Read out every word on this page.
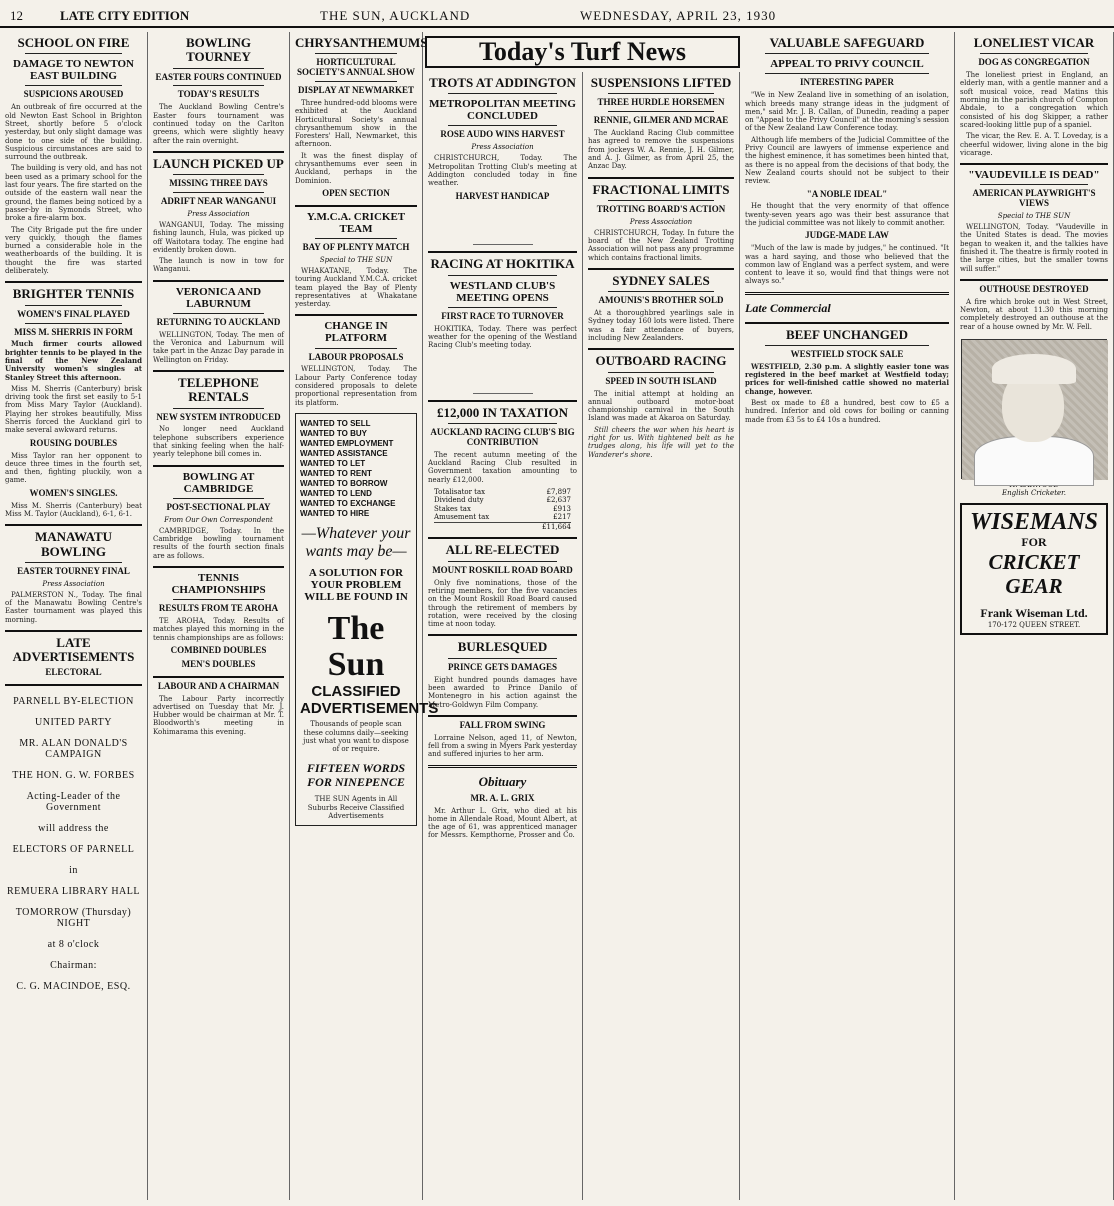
12	LATE CITY EDITION	THE SUN, AUCKLAND	WEDNESDAY, APRIL 23, 1930
SCHOOL ON FIRE
DAMAGE TO NEWTON EAST BUILDING
SUSPICIONS AROUSED

An outbreak of fire occurred at the old Newton East School in Brighton Street, shortly before 5 o'clock yesterday, but only slight damage was done to one side of the building. Suspicious circumstances are said to surround the outbreak.

The building is very old, and has not been used as a primary school for the last four years. The fire started on the outside of the eastern wall near the ground, the flames being noticed by a passer-by in Symonds Street, who broke a fire-alarm box.

The City Brigade put the fire under very quickly, though the flames burned a considerable hole in the weatherboards of the building. It is thought the fire was started deliberately.

BRIGHTER TENNIS
WOMEN'S FINAL PLAYED
MISS M. SHERRIS IN FORM

Much firmer courts allowed brighter tennis to be played in the final of the New Zealand University women's singles at Stanley Street this afternoon.

Miss M. Sherris (Canterbury) brisk driving took the first set easily to 5-1 from Miss Mary Taylor (Auckland). Playing her strokes beautifully, Miss Sherris forced the Auckland girl to make several awkward returns.

ROUSING DOUBLES

Miss Taylor ran her opponent to deuce three times in the fourth set, and then, fighting pluckily, won a game.

WOMEN'S SINGLES.

Miss M. Sherris (Canterbury) beat Miss M. Taylor (Auckland), 6-1, 6-1.

MANAWATU BOWLING
EASTER TOURNEY FINAL
Press Association

PALMERSTON N., Today. The final of the Manawatu Bowling Centre's Easter tournament was played this morning.

LATE ADVERTISEMENTS
ELECTORAL
PARNELL BY-ELECTION
UNITED PARTY
MR. ALAN DONALD'S CAMPAIGN
THE HON. G. W. FORBES
Acting-Leader of the Government
will address the
ELECTORS OF PARNELL
in
REMUERA LIBRARY HALL
TOMORROW (Thursday) NIGHT
at 8 o'clock
Chairman:
C. G. MACINDOE, ESQ.
BOWLING TOURNEY
EASTER FOURS CONTINUED
TODAY'S RESULTS

The Auckland Bowling Centre's Easter fours tournament was continued today on the Carlton greens, which were slightly heavy after the rain overnight.

LAUNCH PICKED UP
MISSING THREE DAYS
ADRIFT NEAR WANGANUI
Press Association

WANGANUI, Today. The missing fishing launch, Hula, was picked up off Waitotara today. The engine had evidently broken down.

The launch is now in tow for Wanganui.

VERONICA AND LABURNUM
RETURNING TO AUCKLAND

WELLINGTON, Today. The men of the Veronica and Laburnum will take part in the Anzac Day parade in Wellington on Friday.

TELEPHONE RENTALS
NEW SYSTEM INTRODUCED

No longer need Auckland telephone subscribers experience that sinking feeling when the half-yearly telephone bill comes in.

BOWLING AT CAMBRIDGE
POST-SECTIONAL PLAY
From Our Own Correspondent

CAMBRIDGE, Today. In the Cambridge bowling tournament results of the fourth section finals are as follows.

TENNIS CHAMPIONSHIPS
RESULTS FROM TE AROHA

TE AROHA, Today. Results of matches played this morning in the tennis championships are as follows:

COMBINED DOUBLES
MEN'S DOUBLES
LABOUR AND A CHAIRMAN

The Labour Party incorrectly advertised on Tuesday that Mr. J. Hubber would be chairman at Mr. T. Bloodworth's meeting in Kohimarama this evening.

CHRYSANTHEMUMS
HORTICULTURAL SOCIETY'S ANNUAL SHOW
DISPLAY AT NEWMARKET

Three hundred-odd blooms were exhibited at the Auckland Horticultural Society's annual chrysanthemum show in the Foresters' Hall, Newmarket, this afternoon.

It was the finest display of chrysanthemums ever seen in Auckland, perhaps in the Dominion.

OPEN SECTION
Y.M.C.A. CRICKET TEAM
BAY OF PLENTY MATCH
Special to THE SUN

WHAKATANE, Today. The touring Auckland Y.M.C.A. cricket team played the Bay of Plenty representatives at Whakatane yesterday.

CHANGE IN PLATFORM
LABOUR PROPOSALS

WELLINGTON, Today. The Labour Party Conference today considered proposals to delete proportional representation from its platform.

WANTED TO SELL
WANTED TO BUY
WANTED EMPLOYMENT
WANTED ASSISTANCE
WANTED TO LET
WANTED TO RENT
WANTED TO BORROW
WANTED TO LEND
WANTED TO EXCHANGE
WANTED TO HIRE
—Whatever your wants may be—
A SOLUTION FOR YOUR PROBLEM WILL BE FOUND IN
The Sun
CLASSIFIED ADVERTISEMENTS

Thousands of people scan these columns daily—seeking just what you want to dispose of or require.

FIFTEEN WORDS FOR NINEPENCE

THE SUN Agents in All Suburbs Receive Classified Advertisements

Today's Turf News
TROTS AT ADDINGTON
METROPOLITAN MEETING CONCLUDED
ROSE AUDO WINS HARVEST
Press Association

CHRISTCHURCH, Today. The Metropolitan Trotting Club's meeting at Addington concluded today in fine weather.

HARVEST HANDICAP
RACING AT HOKITIKA
WESTLAND CLUB'S MEETING OPENS
FIRST RACE TO TURNOVER

HOKITIKA, Today. There was perfect weather for the opening of the Westland Racing Club's meeting today.

£12,000 IN TAXATION
AUCKLAND RACING CLUB'S BIG CONTRIBUTION

The recent autumn meeting of the Auckland Racing Club resulted in Government taxation amounting to nearly £12,000.

Totalisator tax	£7,897
Dividend duty	£2,637
Stakes tax	£913
Amusement tax	£217
£11,664
ALL RE-ELECTED
MOUNT ROSKILL ROAD BOARD

Only five nominations, those of the retiring members, for the five vacancies on the Mount Roskill Road Board caused through the retirement of members by rotation, were received by the closing time at noon today.

BURLESQUED
PRINCE GETS DAMAGES

Eight hundred pounds damages have been awarded to Prince Danilo of Montenegro in his action against the Metro-Goldwyn Film Company.

FALL FROM SWING

Lorraine Nelson, aged 11, of Newton, fell from a swing in Myers Park yesterday and suffered injuries to her arm.

Obituary
MR. A. L. GRIX

Mr. Arthur L. Grix, who died at his home in Allendale Road, Mount Albert, at the age of 61, was apprenticed manager for Messrs. Kempthorne, Prosser and Co.

SUSPENSIONS LIFTED
THREE HURDLE HORSEMEN
RENNIE, GILMER AND MCRAE

The Auckland Racing Club committee has agreed to remove the suspensions from jockeys W. A. Rennie, J. H. Gilmer, and A. J. Gilmer, as from April 25, the Anzac Day.

FRACTIONAL LIMITS
TROTTING BOARD'S ACTION
Press Association

CHRISTCHURCH, Today. In future the board of the New Zealand Trotting Association will not pass any programme which contains fractional limits.

SYDNEY SALES
AMOUNIS'S BROTHER SOLD

At a thoroughbred yearlings sale in Sydney today 160 lots were listed. There was a fair attendance of buyers, including New Zealanders.

OUTBOARD RACING
SPEED IN SOUTH ISLAND

The initial attempt at holding an annual outboard motor-boat championship carnival in the South Island was made at Akaroa on Saturday.

Still cheers the war when his heart is right for us. With tightened belt as he trudges along, his life will yet to the Wanderer's shore.

VALUABLE SAFEGUARD
APPEAL TO PRIVY COUNCIL
INTERESTING PAPER

"We in New Zealand live in something of an isolation, which breeds many strange ideas in the judgment of men," said Mr. J. B. Callan, of Dunedin, reading a paper on "Appeal to the Privy Council" at the morning's session of the New Zealand Law Conference today.

Although life members of the Judicial Committee of the Privy Council are lawyers of immense experience and the highest eminence, it has sometimes been hinted that, as there is no appeal from the decisions of that body, the New Zealand courts should not be subject to their review.

"A NOBLE IDEAL"

He thought that the very enormity of that offence twenty-seven years ago was their best assurance that the judicial committee was not likely to commit another.

JUDGE-MADE LAW

"Much of the law is made by judges," he continued. "It was a hard saying, and those who believed that the common law of England was a perfect system, and were content to leave it so, would find that things were not always so."

Late Commercial
BEEF UNCHANGED
WESTFIELD STOCK SALE

WESTFIELD, 2.30 p.m. A slightly easier tone was registered in the beef market at Westfield today; prices for well-finished cattle showed no material change, however.

Best ox made to £8 a hundred, best cow to £5 a hundred. Inferior and old cows for boiling or canning made from £3 5s to £4 10s a hundred.

LONELIEST VICAR
DOG AS CONGREGATION

The loneliest priest in England, an elderly man, with a gentle manner and a soft musical voice, read Matins this morning in the parish church of Compton Abdale, to a congregation which consisted of his dog Skipper, a rather scared-looking little pup of a spaniel.

The vicar, the Rev. E. A. T. Loveday, is a cheerful widower, living alone in the big vicarage.

"VAUDEVILLE IS DEAD"
AMERICAN PLAYWRIGHT'S VIEWS
Special to THE SUN

WELLINGTON, Today. "Vaudeville in the United States is dead. The movies began to weaken it, and the talkies have finished it. The theatre is firmly rooted in the large cities, but the smaller towns will suffer."

OUTHOUSE DESTROYED

A fire which broke out in West Street, Newton, at about 11.30 this morning completely destroyed an outhouse at the rear of a house owned by Mr. W. Fell.

English Cricketer.
WISEMANS
FOR
CRICKET GEAR
Frank Wiseman Ltd.
170-172 QUEEN STREET.
